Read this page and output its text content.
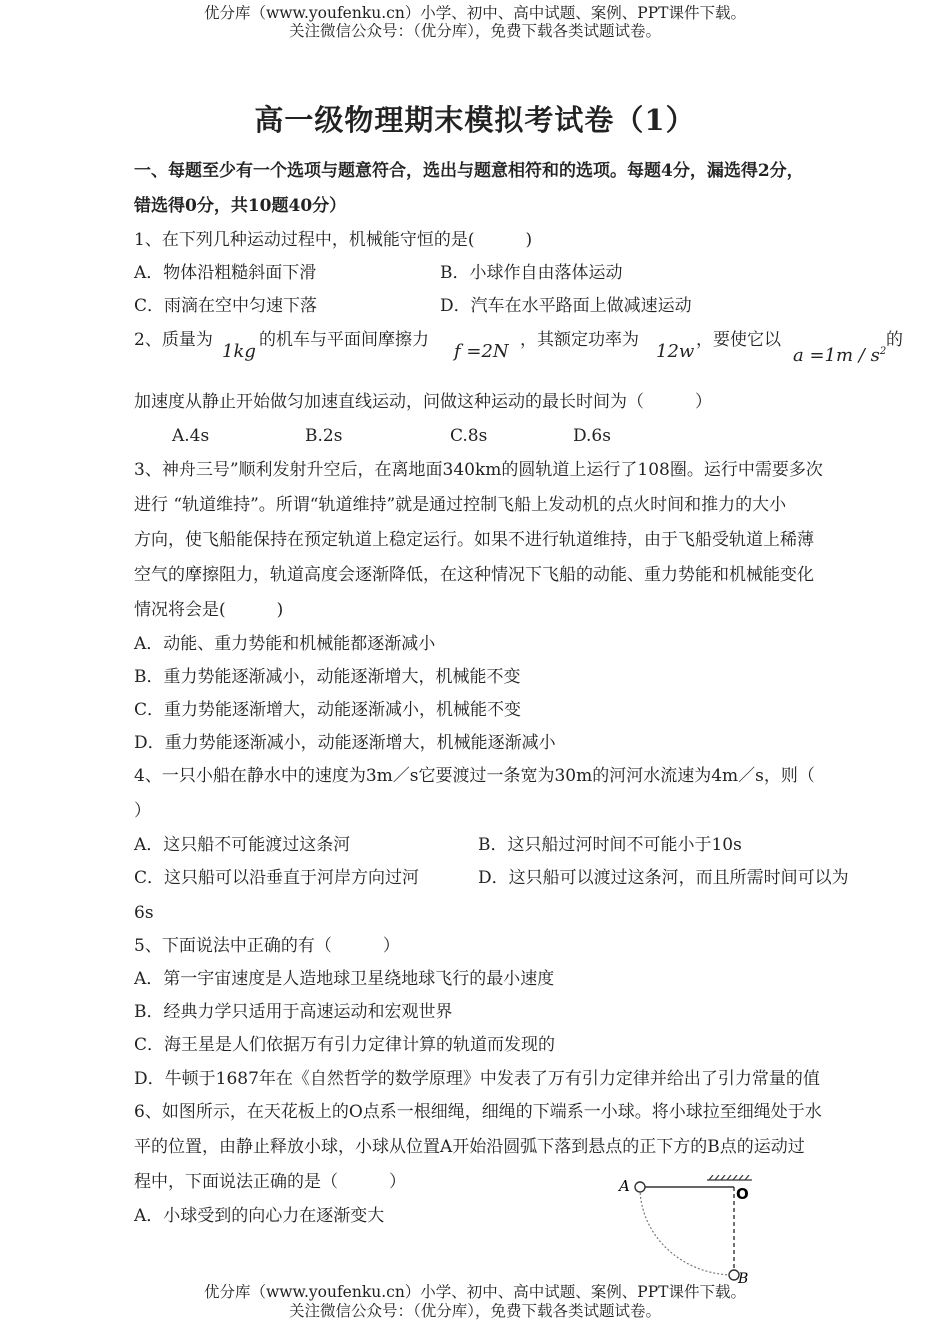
优分库（www.youfenku.cn）小学、初中、高中试题、案例、PPT课件下载。
关注微信公众号：（优分库），免费下载各类试题试卷。
高一级物理期末模拟考试卷（1）
一、每题至少有一个选项与题意符合，选出与题意相符和的选项。每题4分，漏选得2分，
错选得0分，共10题40分）
1、在下列几种运动过程中，机械能守恒的是(　　　)
A．物体沿粗糙斜面下滑	B．小球作自由落体运动
C．雨滴在空中匀速下落	D．汽车在水平路面上做减速运动
2、质量为
1kg
的机车与平面间摩擦力
f =2N
，其额定功率为
12w
，要使它以
$a =1m / s^2$
的
加速度从静止开始做匀加速直线运动，问做这种运动的最长时间为（　　　）
A.4s	B.2s	C.8s	D.6s
3、神舟三号”顺利发射升空后，在离地面340km的圆轨道上运行了108圈。运行中需要多次
进行 “轨道维持”。所谓“轨道维持”就是通过控制飞船上发动机的点火时间和推力的大小
方向，使飞船能保持在预定轨道上稳定运行。如果不进行轨道维持，由于飞船受轨道上稀薄
空气的摩擦阻力，轨道高度会逐渐降低，在这种情况下飞船的动能、重力势能和机械能变化
情况将会是(　　　)
A．动能、重力势能和机械能都逐渐减小
B．重力势能逐渐减小，动能逐渐增大，机械能不变
C．重力势能逐渐增大，动能逐渐减小，机械能不变
D．重力势能逐渐减小，动能逐渐增大，机械能逐渐减小
4、一只小船在静水中的速度为3m／s它要渡过一条宽为30m的河河水流速为4m／s，则（
）
A．这只船不可能渡过这条河	B．这只船过河时间不可能小于10s
C．这只船可以沿垂直于河岸方向过河	D．这只船可以渡过这条河，而且所需时间可以为
6s
5、下面说法中正确的有（　　　）
A．第一宇宙速度是人造地球卫星绕地球飞行的最小速度
B．经典力学只适用于高速运动和宏观世界
C．海王星是人们依据万有引力定律计算的轨道而发现的
D．牛顿于1687年在《自然哲学的数学原理》中发表了万有引力定律并给出了引力常量的值
6、如图所示，在天花板上的O点系一根细绳，细绳的下端系一小球。将小球拉至细绳处于水
平的位置，由静止释放小球，小球从位置A开始沿圆弧下落到悬点的正下方的B点的运动过
程中，下面说法正确的是（　　　）
A．小球受到的向心力在逐渐变大
A	O
B
优分库（www.youfenku.cn）小学、初中、高中试题、案例、PPT课件下载。
关注微信公众号：（优分库），免费下载各类试题试卷。
